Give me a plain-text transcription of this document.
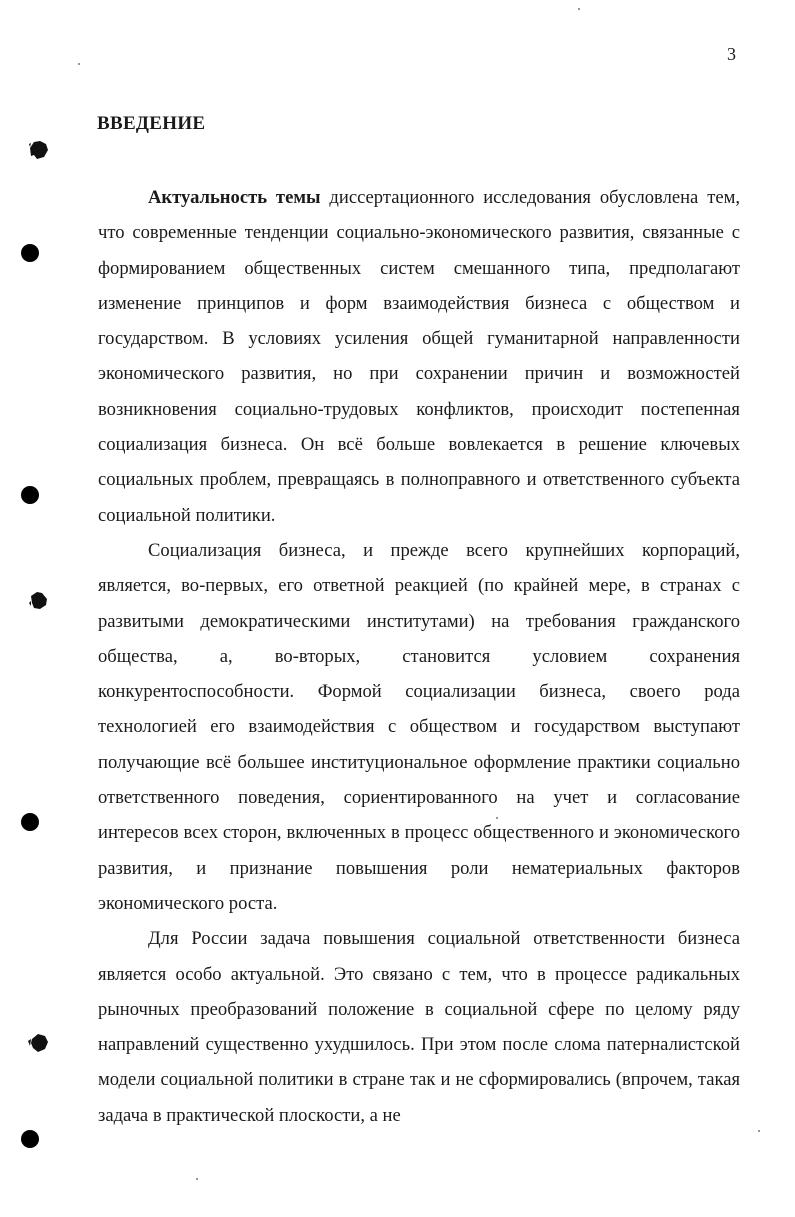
3
ВВЕДЕНИЕ

Актуальность темы диссертационного исследования обусловлена тем, что современные тенденции социально-экономического развития, связанные с формированием общественных систем смешанного типа, предполагают изменение принципов и форм взаимодействия бизнеса с обществом и государством. В условиях усиления общей гуманитарной направленности экономического развития, но при сохранении причин и возможностей возникновения социально-трудовых конфликтов, происходит постепенная социализация бизнеса. Он всё больше вовлекается в решение ключевых социальных проблем, превращаясь в полноправного и ответственного субъекта социальной политики.

Социализация бизнеса, и прежде всего крупнейших корпораций, является, во-первых, его ответной реакцией (по крайней мере, в странах с развитыми демократическими институтами) на требования гражданского общества, а, во-вторых, становится условием сохранения конкурентоспособности. Формой социализации бизнеса, своего рода технологией его взаимодействия с обществом и государством выступают получающие всё большее институциональное оформление практики социально ответственного поведения, сориентированного на учет и согласование интересов всех сторон, включенных в процесс общественного и экономического развития, и признание повышения роли нематериальных факторов экономического роста.

Для России задача повышения социальной ответственности бизнеса является особо актуальной. Это связано с тем, что в процессе радикальных рыночных преобразований положение в социальной сфере по целому ряду направлений существенно ухудшилось. При этом после слома патерналистской модели социальной политики в стране так и не сформировались (впрочем, такая задача в практической плоскости, а не
